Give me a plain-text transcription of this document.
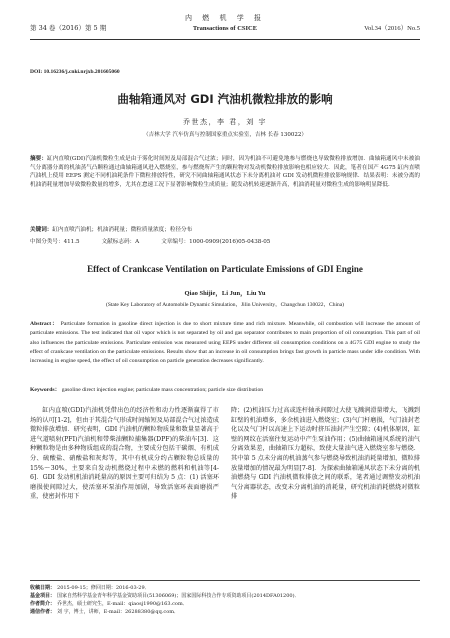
第 34 卷（2016）第 5 期
内 燃 机 学 报
Transactions of CSICE	Vol.34（2016）No.5
DOI: 10.16236/j.cnki.nrjxb.201605060
曲轴箱通风对 GDI 汽油机微粒排放的影响
乔世杰，李 君，刘 宇
（吉林大学 汽车仿真与控制国家重点实验室，吉林 长春 130022）
摘要：缸内直喷(GDI)汽油机微粒生成是由于雾化时间短及局部混合气过浓；同时，因为机油不可避免地参与燃烧也导致微粒排放增加．曲轴箱通风中未被油气分离器分离的机油蒸气凸颗粒通过曲轴箱通风进入燃烧室，参与燃烧所产生的颗粒物对发动机微粒排放影响也相应较大．因此，笔者在国产 4G75 缸内直喷汽油机上使用 EEPS 测定不同机油耗条件下微粒排放特性，研究不同曲轴箱通风状态下未分离机油对 GDI 发动机微粒排放影响规律．结果表明：未被分离的机油消耗量增加导致微粒数量的增多，尤其在怠速工况下显著影响微粒生成质量；随发动机转速逐渐升高，机油消耗量对微粒生成的影响明显降低.
关键词：缸内直喷汽油机；机油消耗量；微粒质量浓度；粒径分布
中图分类号：411.5	文献标志码：A	文章编号：1000-0909(2016)05-0438-05
Effect of Crankcase Ventilation on Particulate Emissions of GDI Engine
Qiao Shijie，Li Jun，Liu Yu
(State Key Laboratory of Automobile Dynamic Simulation，Jilin University，Changchun 130022，China)
Abstract： Particulate formation in gasoline direct injection is due to short mixture time and rich mixture. Meanwhile, oil combustion will increase the amount of particulate emissions. The test indicated that oil vapor which is not separated by oil and gas separator contributes to main proportion of oil consumption. This part of oil also influences the particulate emissions. Particulate emission was measured using EEPS under different oil consumption conditions on a 4G75 GDI engine to study the effect of crankcase ventilation on the particulate emissions. Results show that an increase in oil consumption brings fast growth in particle mass under idle condition. With increasing in engine speed, the effect of oil consumption on particle generation decreases significantly.
Keywords： gasoline direct injection engine; particulate mass concentration; particle size distribution

缸内直喷(GDI)汽油机凭借出色的经济性和动力性逐渐赢得了市场的认可[1-2]，但由于其混合气形成时间缩短及局部混合气过浓造成微粒排放增加．研究表明，GDI 汽油机的颗粒物质量和数量显著高于进气道喷射(PFI)汽油机和带柴油颗粒捕集器(DPF)的柴油车[3]．这种颗粒物是由多种物质组成的混合物，主要成分包括干碳烟、有机成分、硫酸盐、硝酸盐和灰烬等，其中有机成分约占颗粒物总质量的 15%～30%，主要来自发动机燃烧过程中未燃的燃料和机油等[4-6]．GDI 发动机机油消耗量高的原因主要可归结为 5 点：(1) 活塞环磨损使间隙过大，使活塞环泵油作用加剧，导致活塞环表面磨损严重，使密封作用下

降；(2)机油压力过高或连杆轴承间隙过大使飞溅润滑量增大，飞溅到缸壁的机油增多，多余机油进入燃烧室；(3)气门杆磨损，气门油封老化以及气门杆以高速上下运动时挤压油封产生空隙；(4)机体原因，缸壁的网纹在活塞往复运动中产生泵油作用；(5)曲轴箱通风系统的油气分离效果差，曲轴箱压力超标，致使大量油气进入燃烧室参与燃烧．其中第 5 点未分离的机油蒸气参与燃烧导致机油消耗量增加，微粒排放量增加的情况最为明显[7-8]．为探索曲轴箱通风状态下未分离的机油燃烧与 GDI 汽油机微粒排放之间的联系，笔者通过调整发动机油气分离器状态，改变未分离机油的消耗量，研究机油消耗燃烧对微粒排

收稿日期： 2015-09-15；修回日期：2016-03-29．
基金项目： 国家自然科学基金青年科学基金资助项目(51306069)；国家国际科技合作专项资助项目(2014DFA01200)．
作者简介： 乔世杰，硕士研究生，E-mail：qiaosj1990@163.com．
通信作者： 刘 宇，博士，讲师，E-mail：26288380@qq.com．
